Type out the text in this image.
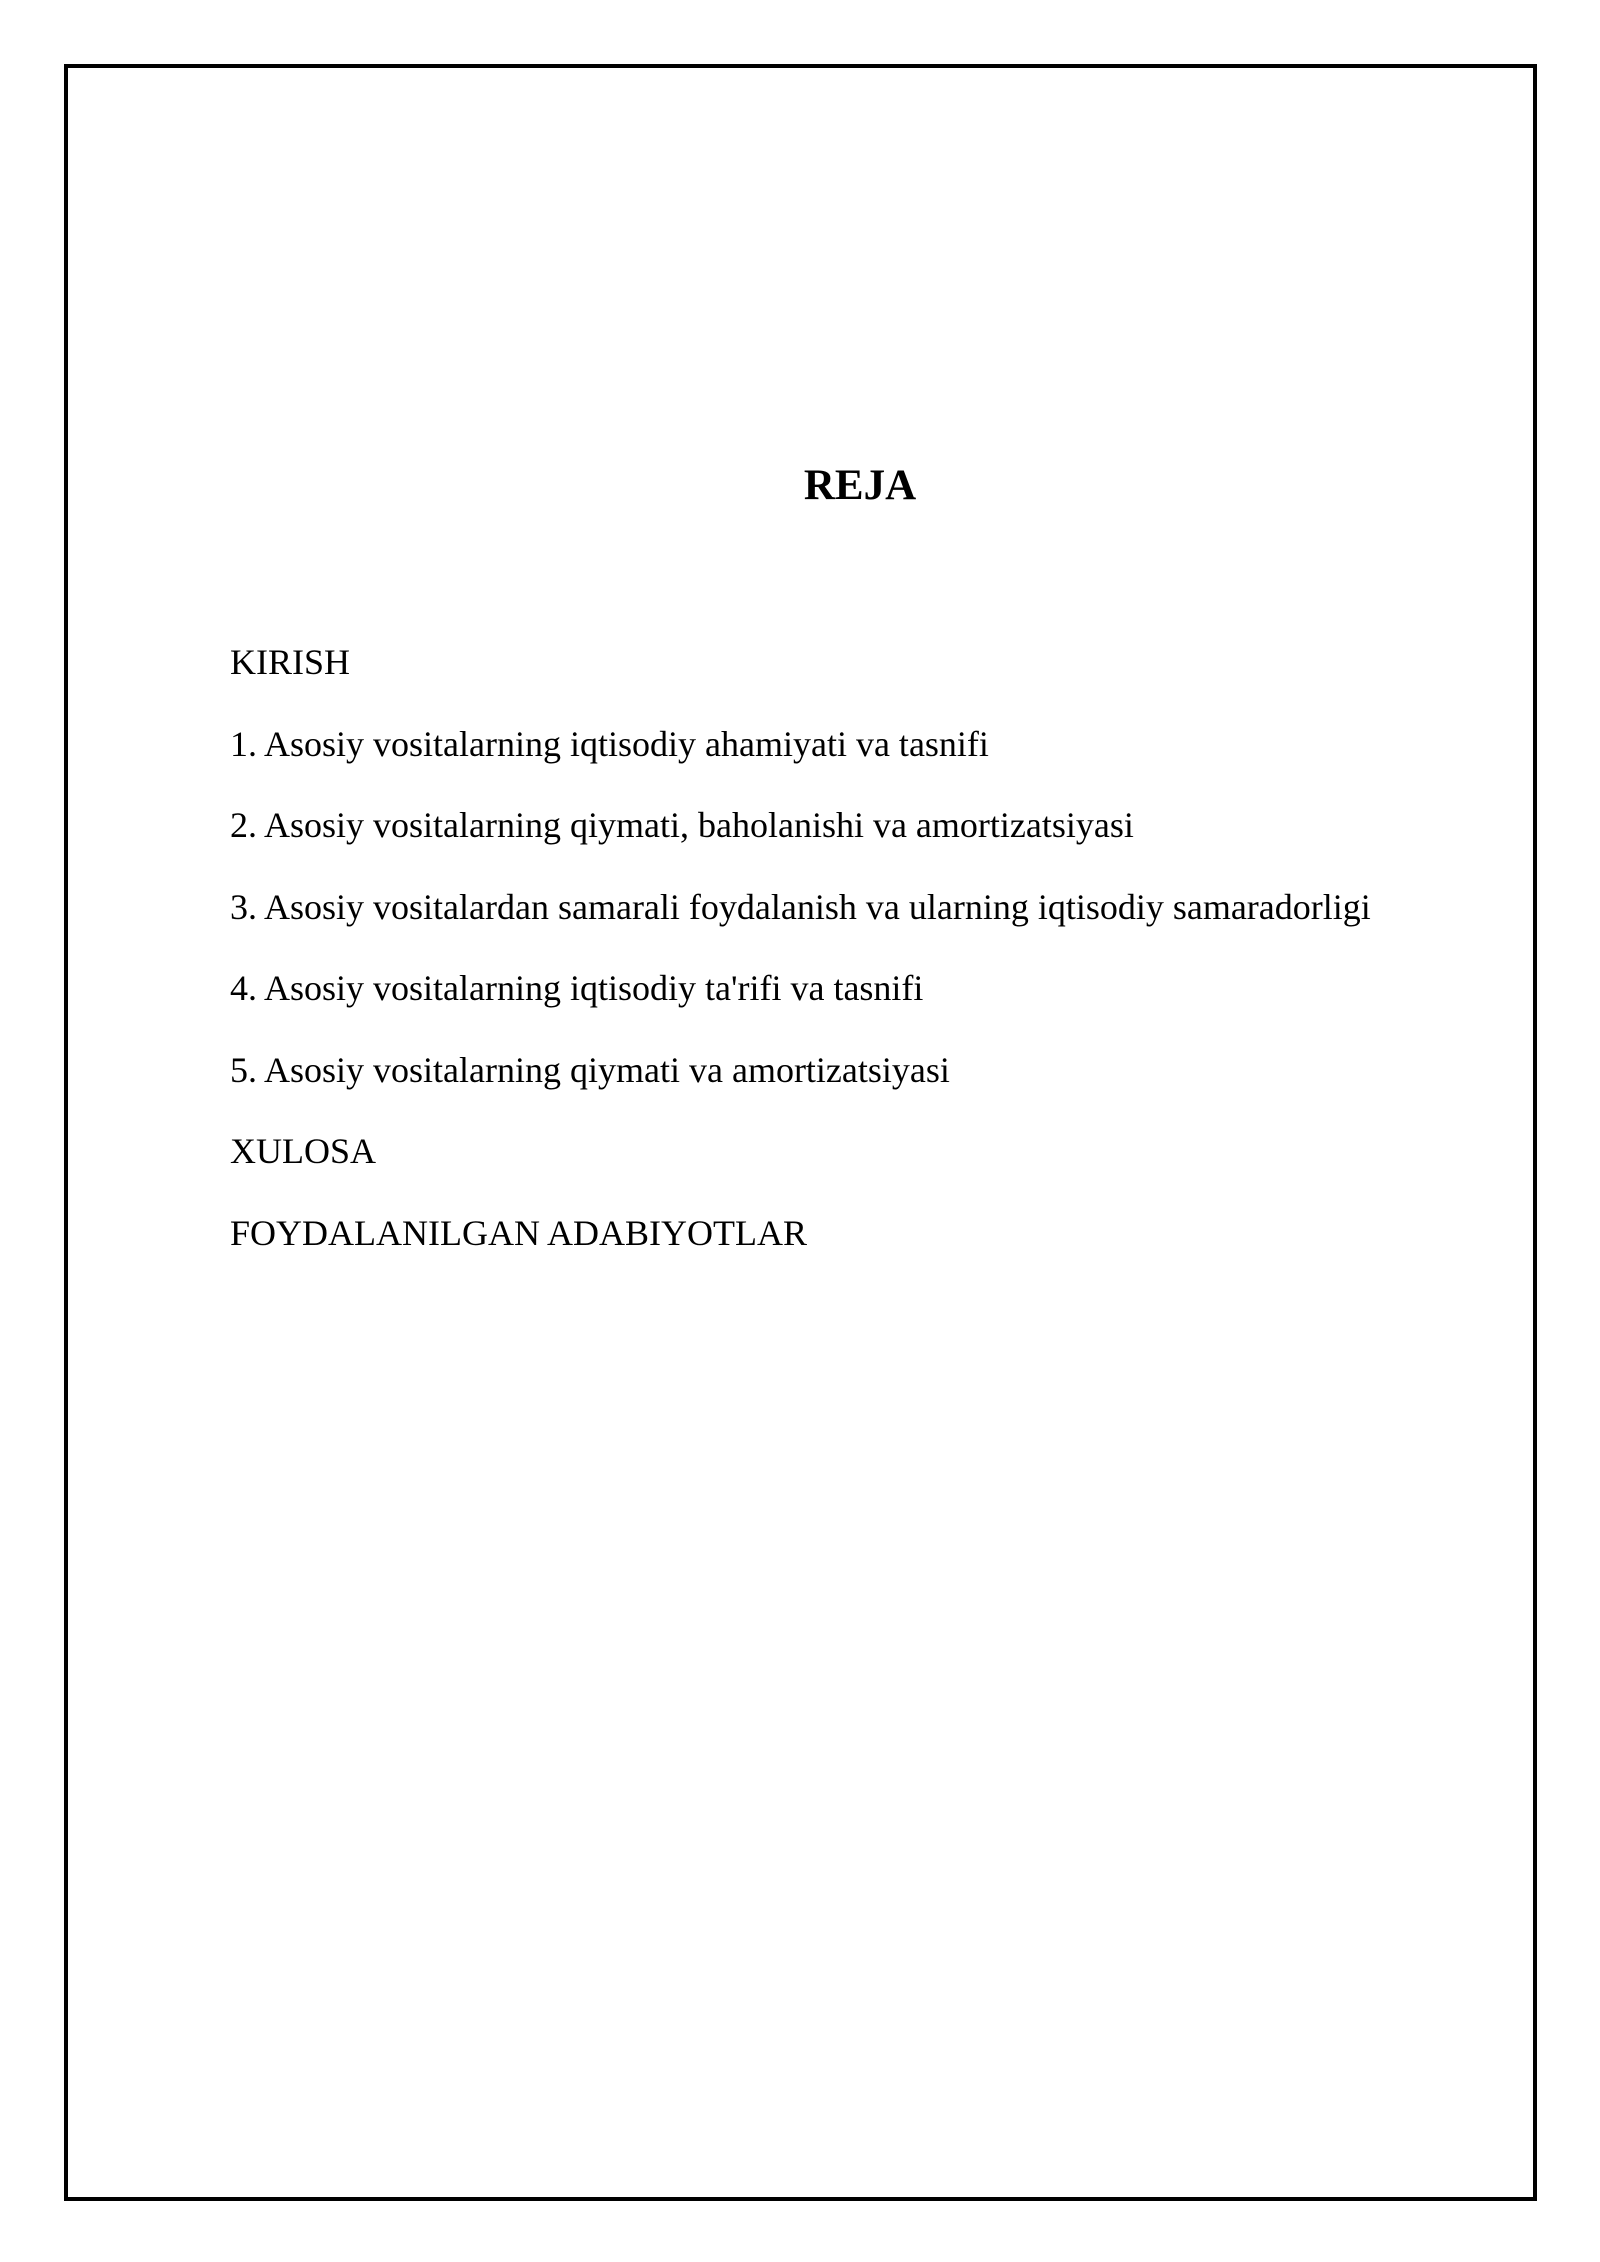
REJA
KIRISH
1. Asosiy vositalarning iqtisodiy ahamiyati va tasnifi
2. Asosiy vositalarning qiymati, baholanishi va amortizatsiyasi
3. Asosiy vositalardan samarali foydalanish va ularning iqtisodiy samaradorligi
4. Asosiy vositalarning iqtisodiy ta'rifi va tasnifi
5. Asosiy vositalarning qiymati va amortizatsiyasi
XULOSA
FOYDALANILGAN ADABIYOTLAR
